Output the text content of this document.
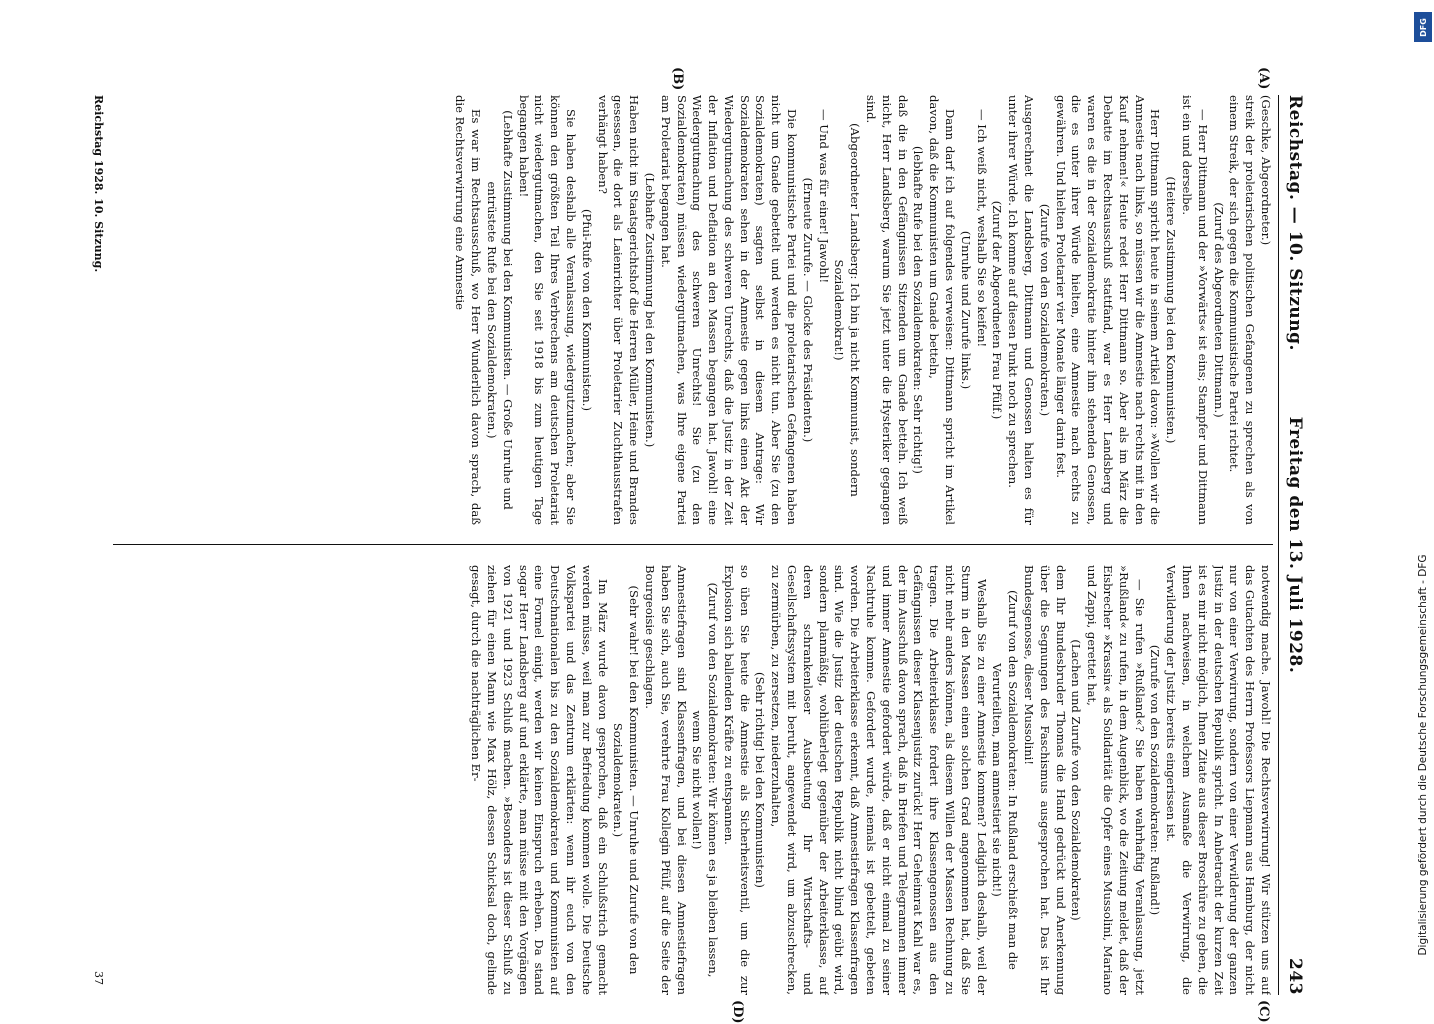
Reichstag. — 10. Sitzung.
Freitag den 13. Juli 1928.
243

(Geschke, Abgeordneter.)

streik der proletarischen politischen Gefangenen zu sprechen als von einem Streik, der sich gegen die Kommunistische Partei richtet.

(Zuruf des Abgeordneten Dittmann.)

— Herr Dittmann und der »Vorwärts« ist eins; Stampfer und Dittmann ist ein und derselbe.

(Heitere Zustimmung bei den Kommunisten.)

Herr Dittmann spricht heute in seinem Artikel davon: »Wollen wir die Amnestie nach links, so müssen wir die Amnestie nach rechts mit in den Kauf nehmen!« Heute redet Herr Dittmann so. Aber als im März die Debatte im Rechtsausschuß stattfand, war es Herr Landsberg und waren es die in der Sozialdemokratie hinter ihm stehenden Genossen, die es unter ihrer Würde hielten, eine Amnestie nach rechts zu gewähren. Und hielten Proletarier vier Monate länger darin fest.

(Zurufe von den Sozialdemokraten.)

Ausgerechnet die Landsberg, Dittmann und Genossen halten es für unter ihrer Würde. Ich komme auf diesen Punkt noch zu sprechen.

(Zuruf der Abgeordneten Frau Pfülf.)

— Ich weiß nicht, weshalb Sie so keifen!

(Unruhe und Zurufe links.)

Dann darf ich auf folgendes verweisen: Dittmann spricht im Artikel davon, daß die Kommunisten um Gnade betteln,

(lebhafte Rufe bei den Sozialdemokraten: Sehr richtig!)

daß die in den Gefängnissen Sitzenden um Gnade betteln. Ich weiß nicht, Herr Landsberg, warum Sie jetzt unter die Hysteriker gegangen sind.

(Abgeordneter Landsberg: Ich bin ja nicht Kommunist, sondern Sozialdemokrat!)

— Und was für einer! Jawohl!

(Erneute Zurufe. — Glocke des Präsidenten.)

Die kommunistische Partei und die proletarischen Gefangenen haben nicht um Gnade gebettelt und werden es nicht tun. Aber Sie (zu den Sozialdemokraten) sagten selbst in diesem Antrage: Wir Sozialdemokraten sehen in der Amnestie gegen links einen Akt der Wiedergutmachung des schweren Unrechts, daß die Justiz in der Zeit der Inflation und Deflation an den Massen begangen hat. Jawohl! eine Wiedergutmachung des schweren Unrechts! Sie (zu den Sozialdemokraten) müssen wiedergutmachen, was Ihre eigene Partei am Proletariat begangen hat.

(Lebhafte Zustimmung bei den Kommunisten.)

Haben nicht im Staatsgerichtshof die Herren Müller, Heine und Brandes gesessen, die dort als Laienrichter über Proletarier Zuchthausstrafen verhängt haben?

(Pfui-Rufe von den Kommunisten.)

Sie haben deshalb alle Veranlassung, wiedergutzumachen; aber Sie können den größten Teil Ihres Verbrechens am deutschen Proletariat nicht wiedergutmachen, den Sie seit 1918 bis zum heutigen Tage begangen haben!

(Lebhafte Zustimmung bei den Kommunisten. — Große Unruhe und entrüstete Rufe bei den Sozialdemokraten.)

Es war im Rechtsausschuß, wo Herr Wunderlich davon sprach, daß die Rechtsverwirrung eine Amnestie

notwendig mache. Jawohl! Die Rechtsverwirrung! Wir stützen uns auf das Gutachten des Herrn Professors Liepmann aus Hamburg, der nicht nur von einer Verwirrung, sondern von einer Verwilderung der ganzen Justiz in der deutschen Republik spricht. In Anbetracht der kurzen Zeit ist es mir nicht möglich, Ihnen Zitate aus dieser Broschüre zu geben, die Ihnen nachweisen, in welchem Ausmaße die Verwirrung, die Verwilderung der Justiz bereits eingerissen ist.

(Zurufe von den Sozialdemokraten: Rußland!)

— Sie rufen »Rußland«? Sie haben wahrhaftig Veranlassung, jetzt »Rußland« zu rufen, in dem Augenblick, wo die Zeitung meldet, daß der Eisbrecher »Krassin« als Solidarität die Opfer eines Mussolini, Mariano und Zappi, gerettet hat,

(Lachen und Zurufe von den Sozialdemokraten)

dem Ihr Bundesbruder Thomas die Hand gedrückt und Anerkennung über die Segnungen des Faschismus ausgesprochen hat. Das ist Ihr Bundesgenosse, dieser Mussolini!

(Zuruf von den Sozialdemokraten: In Rußland erschießt man die Verurteilten, man amnestiert sie nicht!)

Weshalb Sie zu einer Amnestie kommen? Lediglich deshalb, weil der Sturm in den Massen einen solchen Grad angenommen hat, daß Sie nicht mehr anders können, als diesem Willen der Massen Rechnung zu tragen. Die Arbeiterklasse fordert ihre Klassengenossen aus den Gefängnissen dieser Klassenjustiz zurück! Herr Geheimrat Kahl war es, der im Ausschuß davon sprach, daß in Briefen und Telegrammen immer und immer Amnestie gefordert würde, daß er nicht einmal zu seiner Nachtruhe komme. Gefordert wurde, niemals ist gebettelt, gebeten worden. Die Arbeiterklasse erkennt, daß Amnestiefragen Klassenfragen sind. Wie die Justiz der deutschen Republik nicht blind geübt wird, sondern planmäßig, wohlüberlegt gegenüber der Arbeiterklasse, auf deren schrankenloser Ausbeutung Ihr Wirtschafts- und Gesellschaftssystem mit beruht, angewendet wird, um abzuschrecken, zu zermürben, zu zersetzen, niederzuhalten,

(Sehr richtig! bei den Kommunisten)

so üben Sie heute die Amnestie als Sicherheitsventil, um die zur Explosion sich ballenden Kräfte zu entspannen.

(Zuruf von den Sozialdemokraten: Wir können es ja bleiben lassen, wenn Sie nicht wollen!)

Amnestiefragen sind Klassenfragen, und bei diesen Amnestiefragen haben Sie sich, auch Sie, verehrte Frau Kollegin Pfülf, auf die Seite der Bourgeoisie geschlagen.

(Sehr wahr! bei den Kommunisten. — Unruhe und Zurufe von den Sozialdemokraten.)

Im März wurde davon gesprochen, daß ein Schlußstrich gemacht werden müsse, weil man zur Befriedung kommen wolle. Die Deutsche Volkspartei und das Zentrum erklärten: wenn ihr euch von den Deutschnationalen bis zu den Sozialdemokraten und Kommunisten auf eine Formel einigt, werden wir keinen Einspruch erheben. Da stand sogar Herr Landsberg auf und erklärte, man müsse mit den Vorgängen von 1921 und 1923 Schluß machen. »Besonders ist dieser Schluß zu ziehen für einen Mann wie Max Hölz, dessen Schicksal doch, gelinde gesagt, durch die nachträglichen Er-

(A)
(B)
(C)
(D)
Reichstag 1928. 10. Sitzung.
37
DFG
Digitalisierung gefördert durch die Deutsche Forschungsgemeinschaft - DFG
